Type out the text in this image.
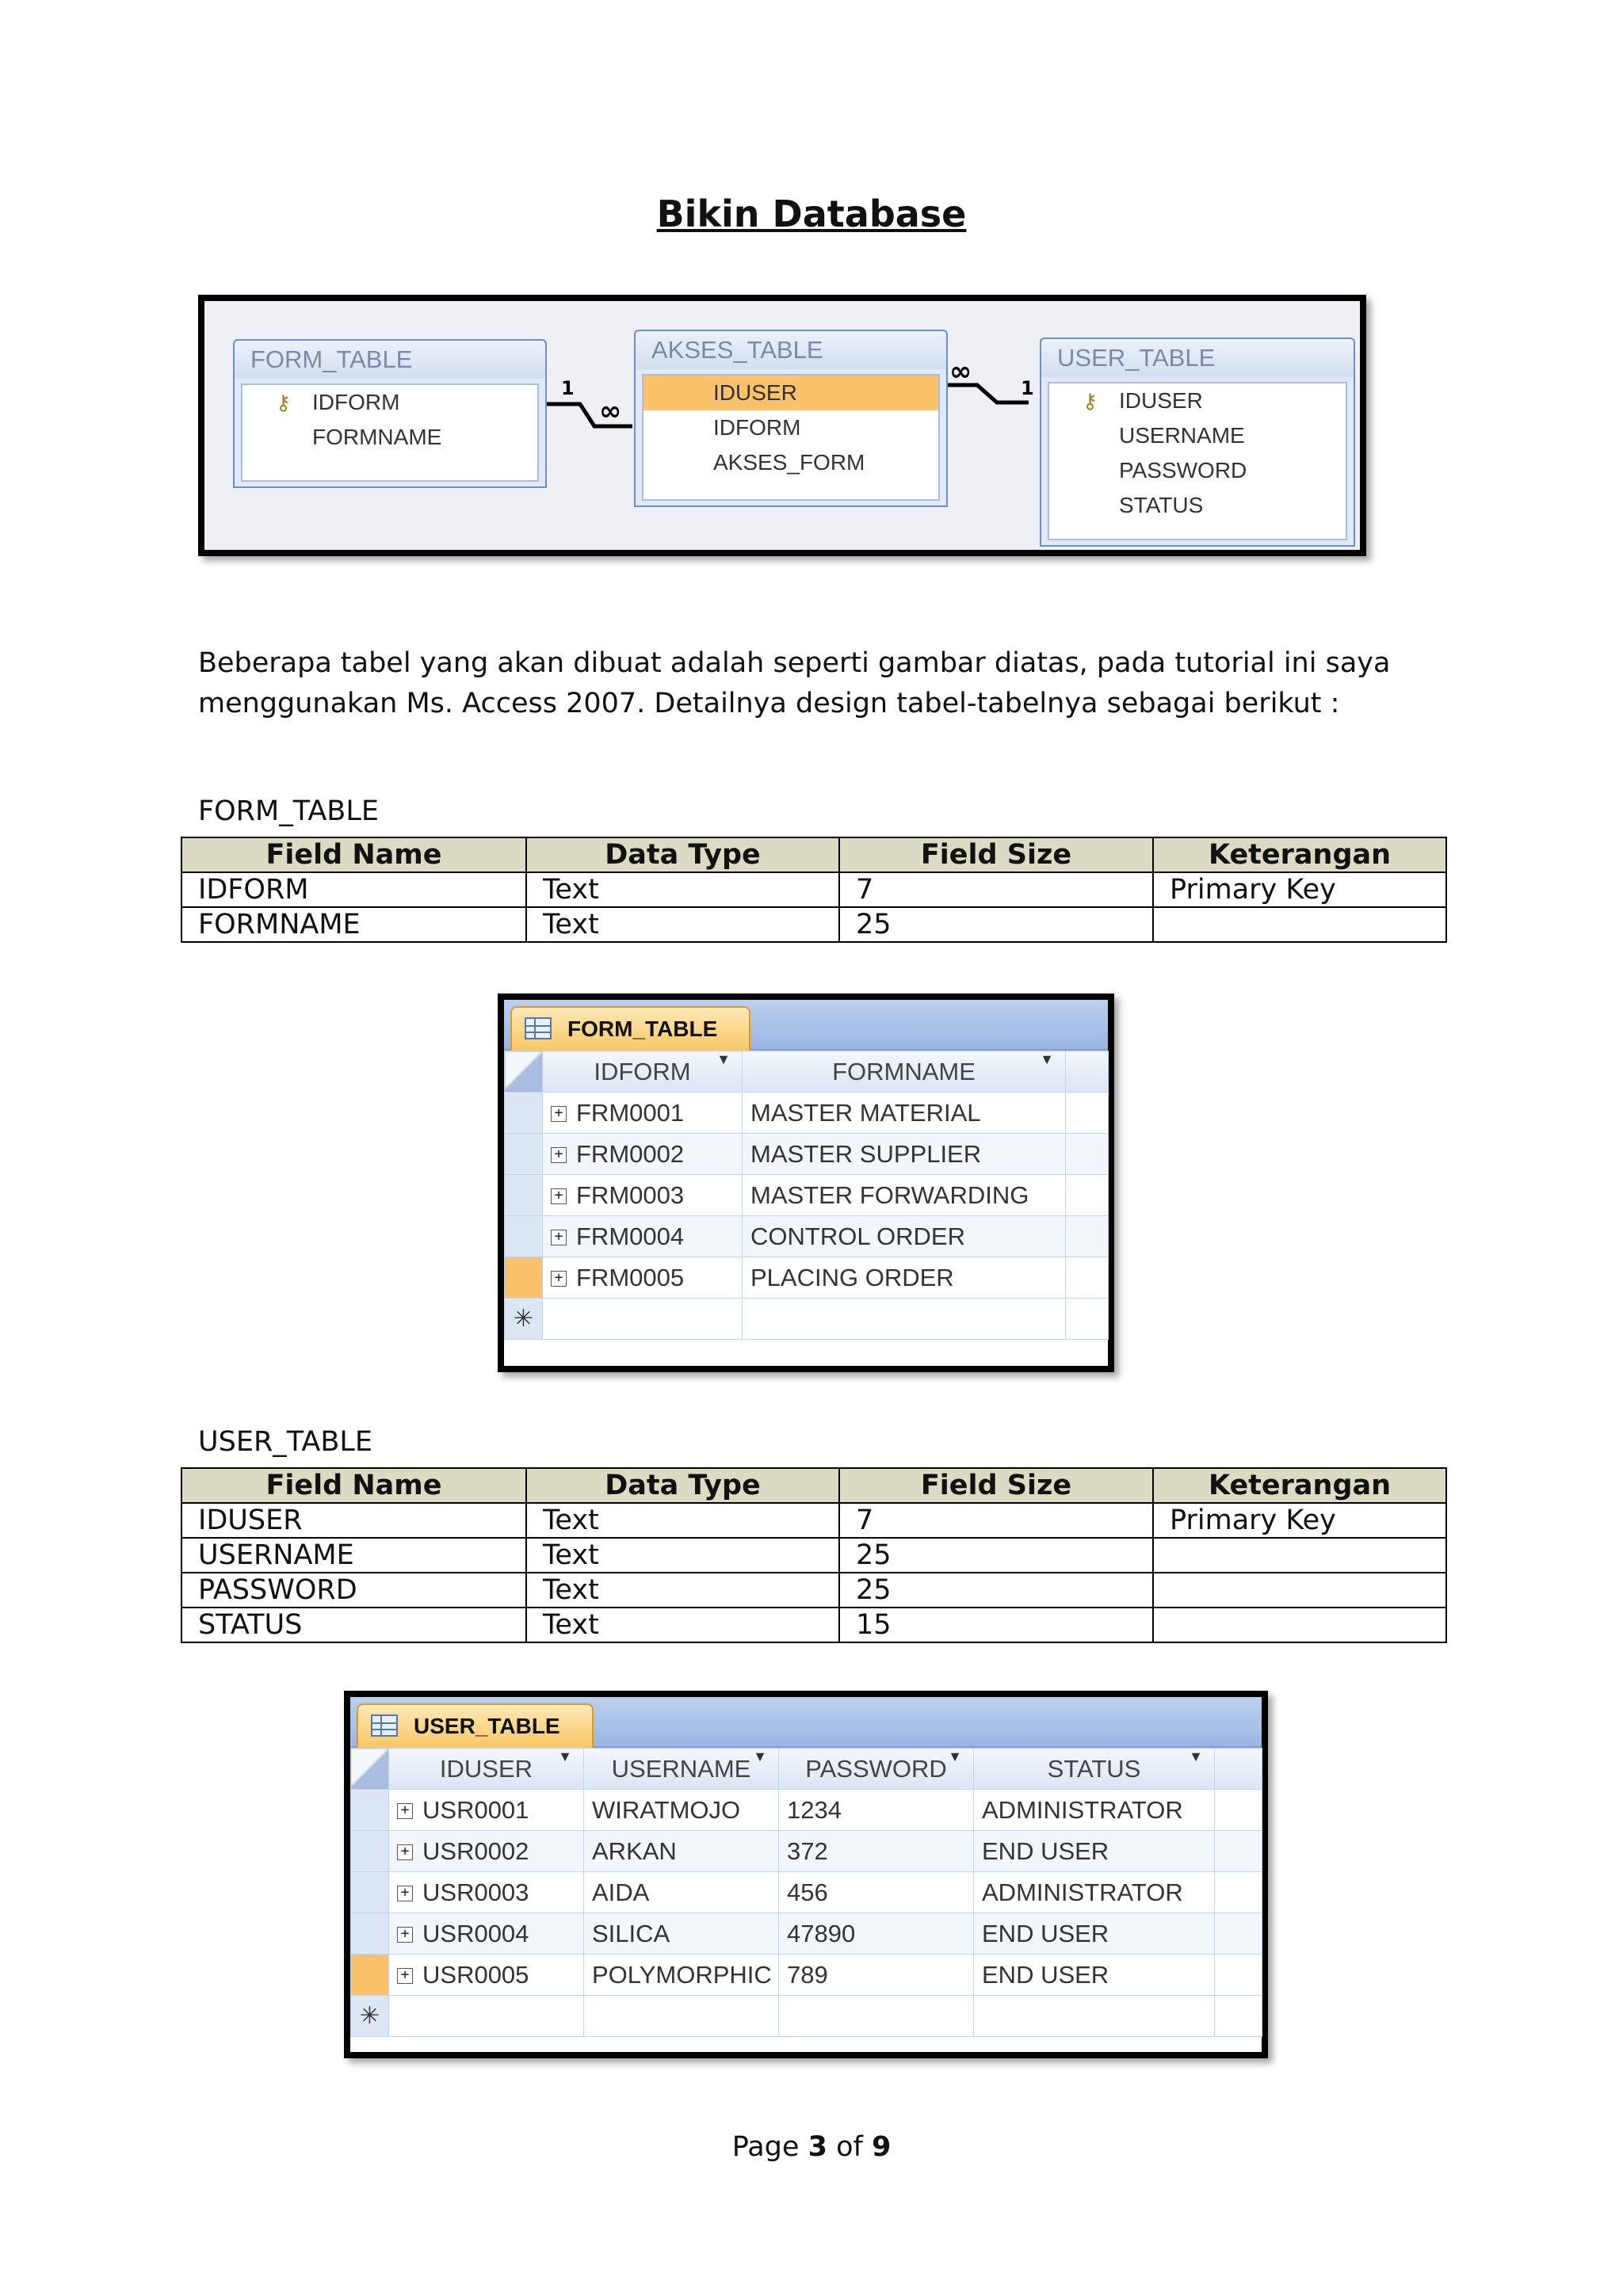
Bikin Database
1
∞
∞
1
FORM_TABLE
⚷ IDFORM
FORMNAME
AKSES_TABLE
IDUSER
IDFORM
AKSES_FORM
USER_TABLE
⚷ IDUSER
USERNAME
PASSWORD
STATUS
Beberapa tabel yang akan dibuat adalah seperti gambar diatas, pada tutorial ini saya
menggunakan Ms. Access 2007. Detailnya design tabel-tabelnya sebagai berikut :
FORM_TABLE
Field Name	Data Type	Field Size	Keterangan
IDFORM	Text	7	Primary Key
FORMNAME	Text	25	
FORM_TABLE
	IDFORM ▼	FORMNAME ▼	

	+ FRM0001	MASTER MATERIAL	
	+ FRM0002	MASTER SUPPLIER	
	+ FRM0003	MASTER FORWARDING	
	+ FRM0004	CONTROL ORDER	
	+ FRM0005	PLACING ORDER	
✳			
USER_TABLE
Field Name	Data Type	Field Size	Keterangan
IDUSER	Text	7	Primary Key
USERNAME	Text	25	
PASSWORD	Text	25	
STATUS	Text	15	
USER_TABLE
	IDUSER ▼	USERNAME ▼	PASSWORD ▼	STATUS ▼	

	+ USR0001	WIRATMOJO	1234	ADMINISTRATOR	
	+ USR0002	ARKAN	372	END USER	
	+ USR0003	AIDA	456	ADMINISTRATOR	
	+ USR0004	SILICA	47890	END USER	
	+ USR0005	POLYMORPHIC	789	END USER	
✳					
Page 3 of 9
